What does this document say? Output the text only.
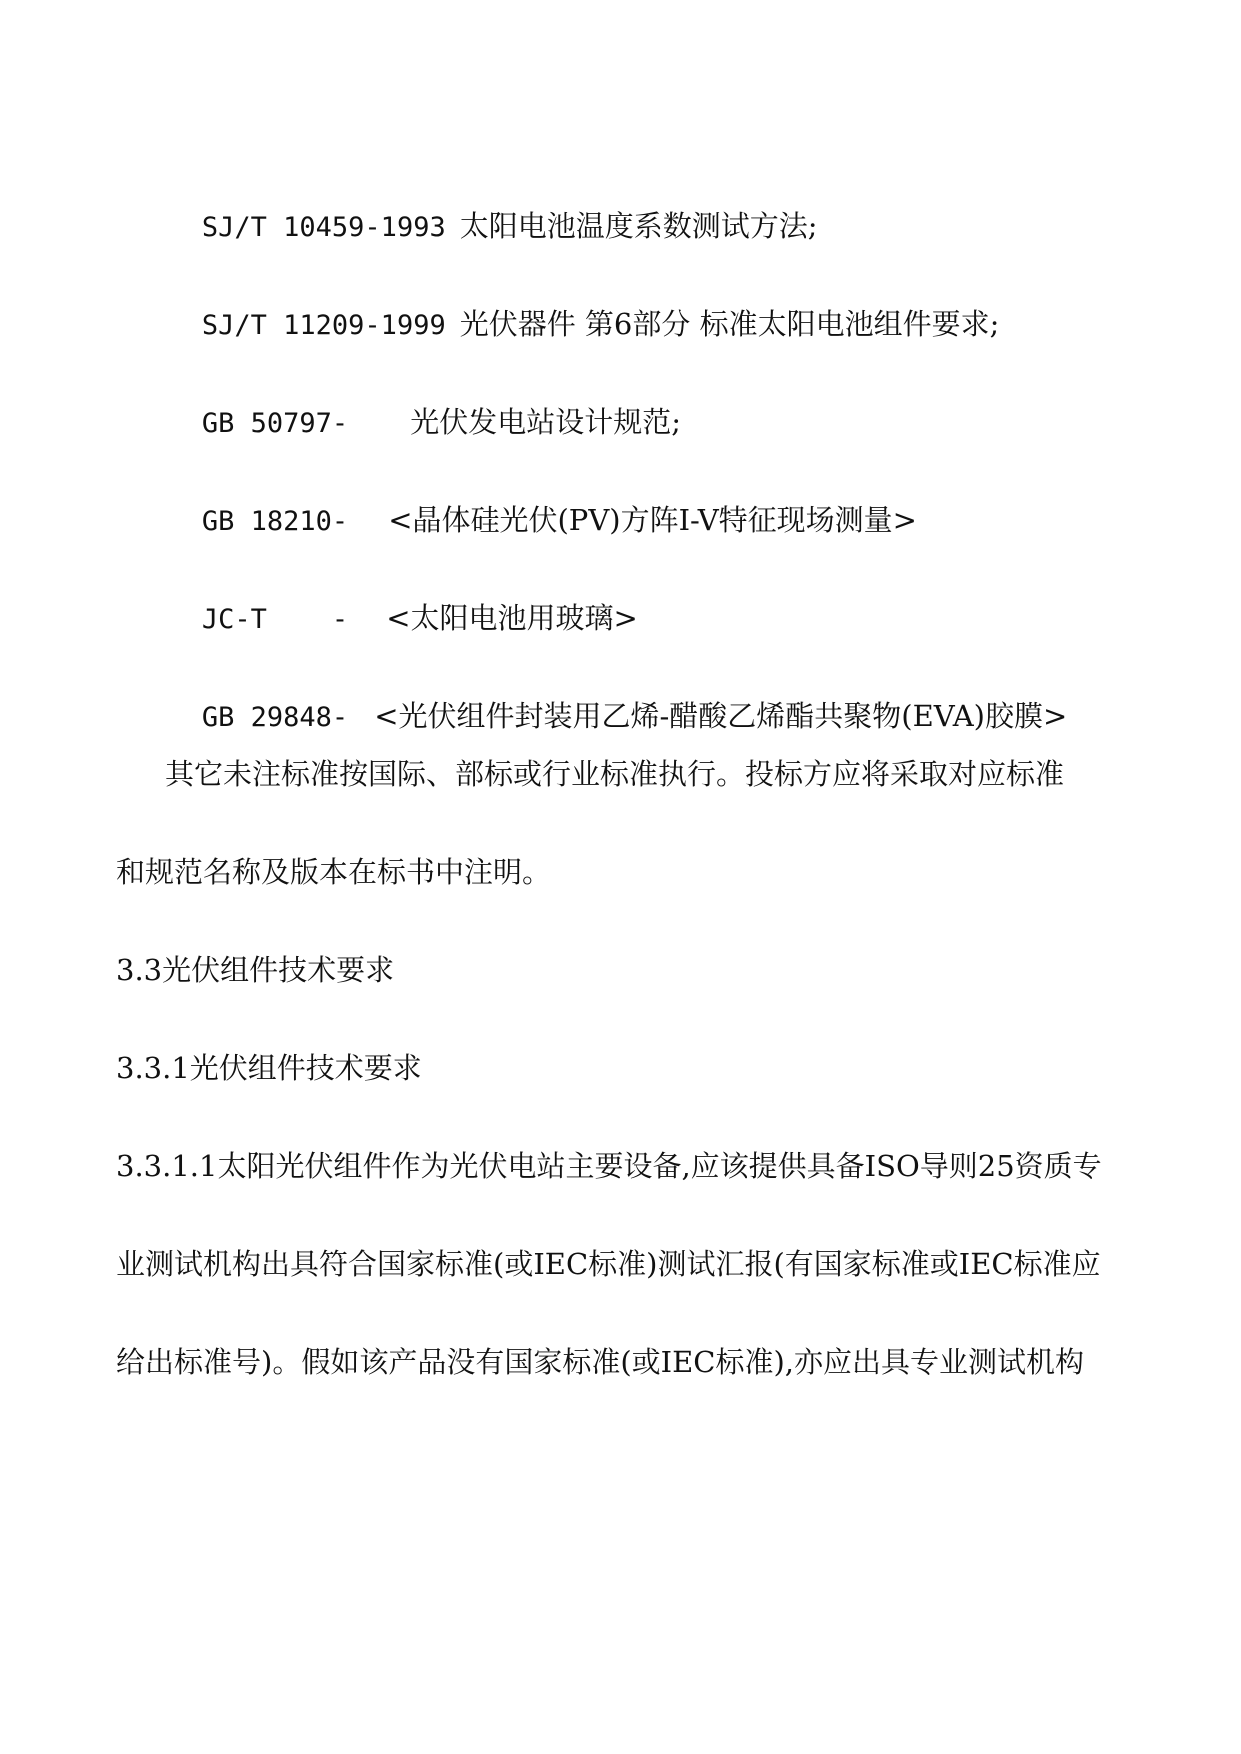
SJ/T 10459-1993 太阳电池温度系数测试方法;

SJ/T 11209-1999 光伏器件 第6部分 标准太阳电池组件要求;

GB 50797- 光伏发电站设计规范;

GB 18210- <晶体硅光伏(PV)方阵I-V特征现场测量>

JC-T    - <太阳电池用玻璃>

GB 29848- <光伏组件封装用乙烯-醋酸乙烯酯共聚物(EVA)胶膜>

其它未注标准按国际、部标或行业标准执行。投标方应将采取对应标准
和规范名称及版本在标书中注明。
3.3光伏组件技术要求
3.3.1光伏组件技术要求
3.3.1.1太阳光伏组件作为光伏电站主要设备,应该提供具备ISO导则25资质专
业测试机构出具符合国家标准(或IEC标准)测试汇报(有国家标准或IEC标准应
给出标准号)。假如该产品没有国家标准(或IEC标准),亦应出具专业测试机构
